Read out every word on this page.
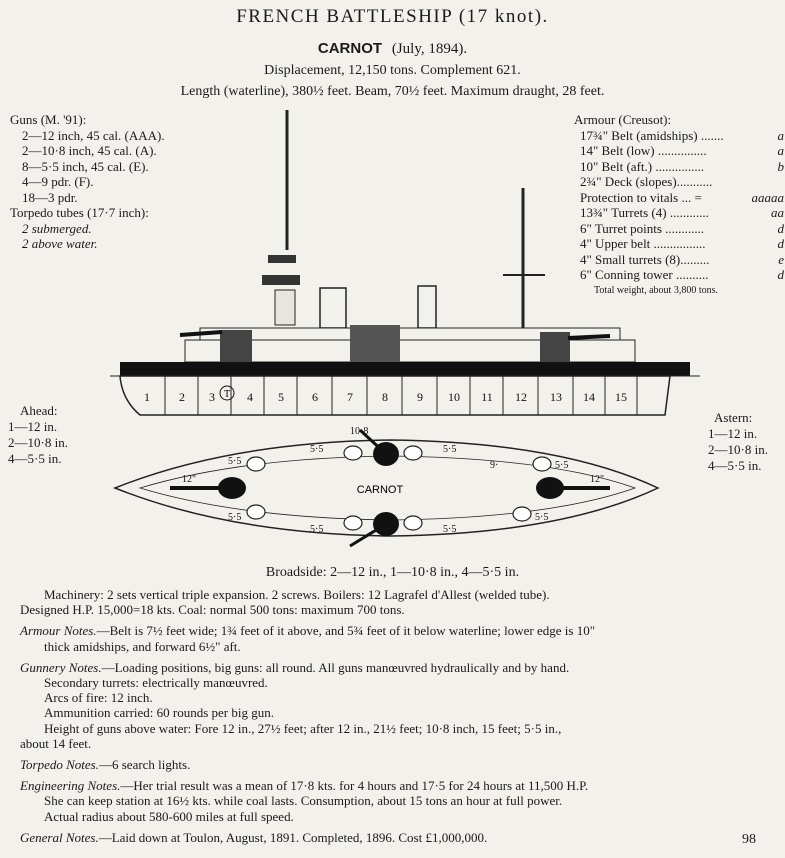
FRENCH BATTLESHIP (17 knot).
CARNOT (July, 1894).
Displacement, 12,150 tons. Complement 621.
Length (waterline), 380½ feet. Beam, 70½ feet. Maximum draught, 28 feet.
Guns (M. '91):
2—12 inch, 45 cal. (AAA).
2—10·8 inch, 45 cal. (A).
8—5·5 inch, 45 cal. (E).
4—9 pdr. (F).
18—3 pdr.
Torpedo tubes (17·7 inch):
2 submerged.
2 above water.
Armour (Creusot):
17¾" Belt (amidships) .......	a
14" Belt (low) ...............	a
10" Belt (aft.) ...............	b
2¾" Deck (slopes)...........
Protection to vitals ... =	aaaaa
13¾" Turrets (4) ............	aa
6" Turret points ............	d
4" Upper belt ................	d
4" Small turrets (8).........	e
6" Conning tower ..........	d
Total weight, about 3,800 tons.
1 2 3	4 5 6 7 8 9 10 11 12 13 14 15
T
Ahead:
1—12 in.
2—10·8 in.
4—5·5 in.
Astern:
1—12 in.
2—10·8 in.
4—5·5 in.
CARNOT
10·8
5·5
5·5	5·5
5·5
5·5
5·5	5·5
5·5
12"	12"
9·
Broadside: 2—12 in., 1—10·8 in., 4—5·5 in.

Machinery: 2 sets vertical triple expansion. 2 screws. Boilers: 12 Lagrafel d'Allest (welded tube).
Designed H.P. 15,000=18 kts. Coal: normal 500 tons: maximum 700 tons.

Armour Notes.—Belt is 7½ feet wide; 1¾ feet of it above, and 5¾ feet of it below waterline; lower edge is 10"
thick amidships, and forward 6½" aft.

Gunnery Notes.—Loading positions, big guns: all round. All guns manœuvred hydraulically and by hand.
Secondary turrets: electrically manœuvred.
Arcs of fire: 12 inch.
Ammunition carried: 60 rounds per big gun.
Height of guns above water: Fore 12 in., 27½ feet; after 12 in., 21½ feet; 10·8 inch, 15 feet; 5·5 in.,
about 14 feet.

Torpedo Notes.—6 search lights.

Engineering Notes.—Her trial result was a mean of 17·8 kts. for 4 hours and 17·5 for 24 hours at 11,500 H.P.
She can keep station at 16½ kts. while coal lasts. Consumption, about 15 tons an hour at full power.
Actual radius about 580-600 miles at full speed.

General Notes.—Laid down at Toulon, August, 1891. Completed, 1896. Cost £1,000,000.	98
